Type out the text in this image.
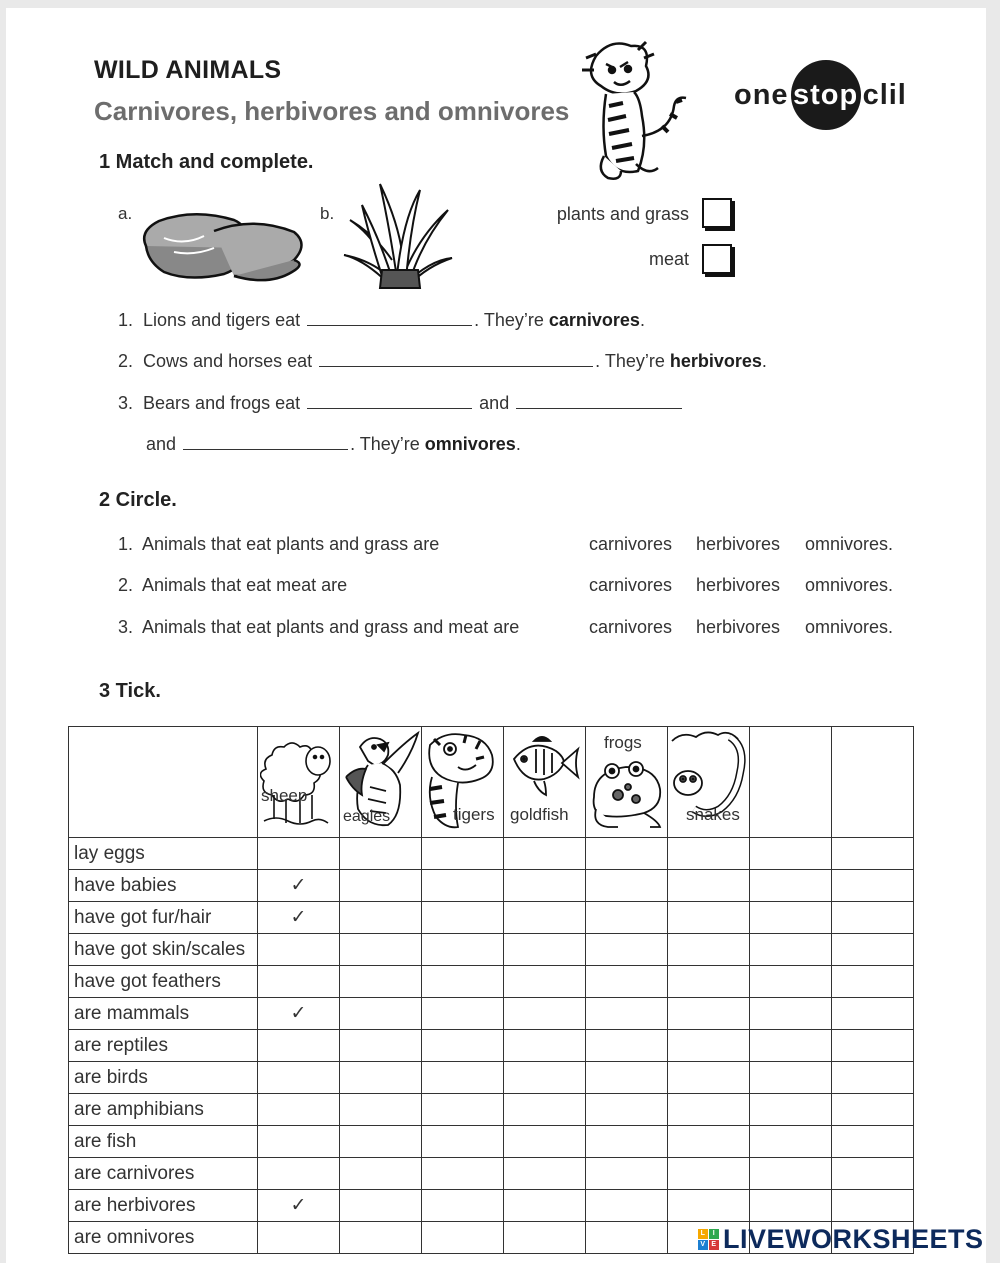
WILD ANIMALS
Carnivores, herbivores and omnivores
one stop clil
1 Match and complete.
a.	b.	plants and grass
meat
1. Lions and tigers eat	. They’re carnivores.
2. Cows and horses eat	. They’re herbivores.
3. Bears and frogs eat	and
and	. They’re omnivores.
2 Circle.
1. Animals that eat plants and grass are	carnivores herbivores omnivores.
2. Animals that eat meat are	carnivores herbivores omnivores.
3. Animals that eat plants and grass and meat are	carnivores herbivores omnivores.
3 Tick.

	sheep	eagles	tigers	goldfish	frogs	snakes		

lay eggs								
have babies	✓							
have got fur/hair	✓							
have got skin/scales								
have got feathers								
are mammals	✓							
are reptiles								
are birds								
are amphibians								
are fish								
are carnivores								
are herbivores	✓							
are omnivores									L	I
V E LIVEWORKSHEETS
